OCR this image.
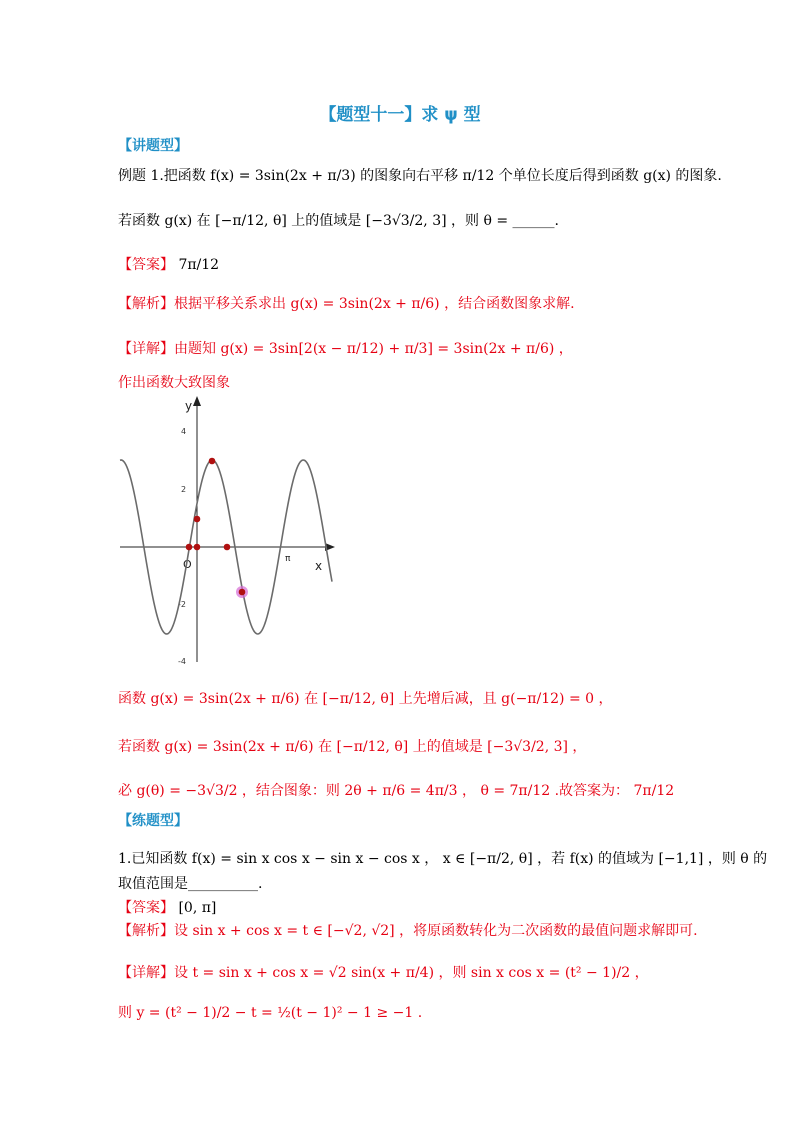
【题型十一】求 ψ 型
【讲题型】
例题 1.把函数 f(x) = 3sin(2x + π/3) 的图象向右平移 π/12 个单位长度后得到函数 g(x) 的图象.
若函数 g(x) 在 [−π/12, θ] 上的值域是 [−3√3/2, 3] ，则 θ = ______.
【答案】 7π/12
【解析】根据平移关系求出 g(x) = 3sin(2x + π/6) ，结合函数图象求解.
【详解】由题知 g(x) = 3sin[2(x − π/12) + π/3] = 3sin(2x + π/6) ，
作出函数大致图象
4
2
-2
-4
y
x
O	π
函数 g(x) = 3sin(2x + π/6) 在 [−π/12, θ] 上先增后减，且 g(−π/12) = 0 ，
若函数 g(x) = 3sin(2x + π/6) 在 [−π/12, θ] 上的值域是 [−3√3/2, 3] ，
必 g(θ) = −3√3/2 ，结合图象：则 2θ + π/6 = 4π/3 ， θ = 7π/12 .故答案为： 7π/12
【练题型】
1.已知函数 f(x) = sin x cos x − sin x − cos x ， x ∈ [−π/2, θ] ，若 f(x) 的值域为 [−1,1] ，则 θ 的
取值范围是__________.
【答案】 [0, π]
【解析】设 sin x + cos x = t ∈ [−√2, √2] ，将原函数转化为二次函数的最值问题求解即可.
【详解】设 t = sin x + cos x = √2 sin(x + π/4) ，则 sin x cos x = (t² − 1)/2 ，
则 y = (t² − 1)/2 − t = ½(t − 1)² − 1 ≥ −1 .
